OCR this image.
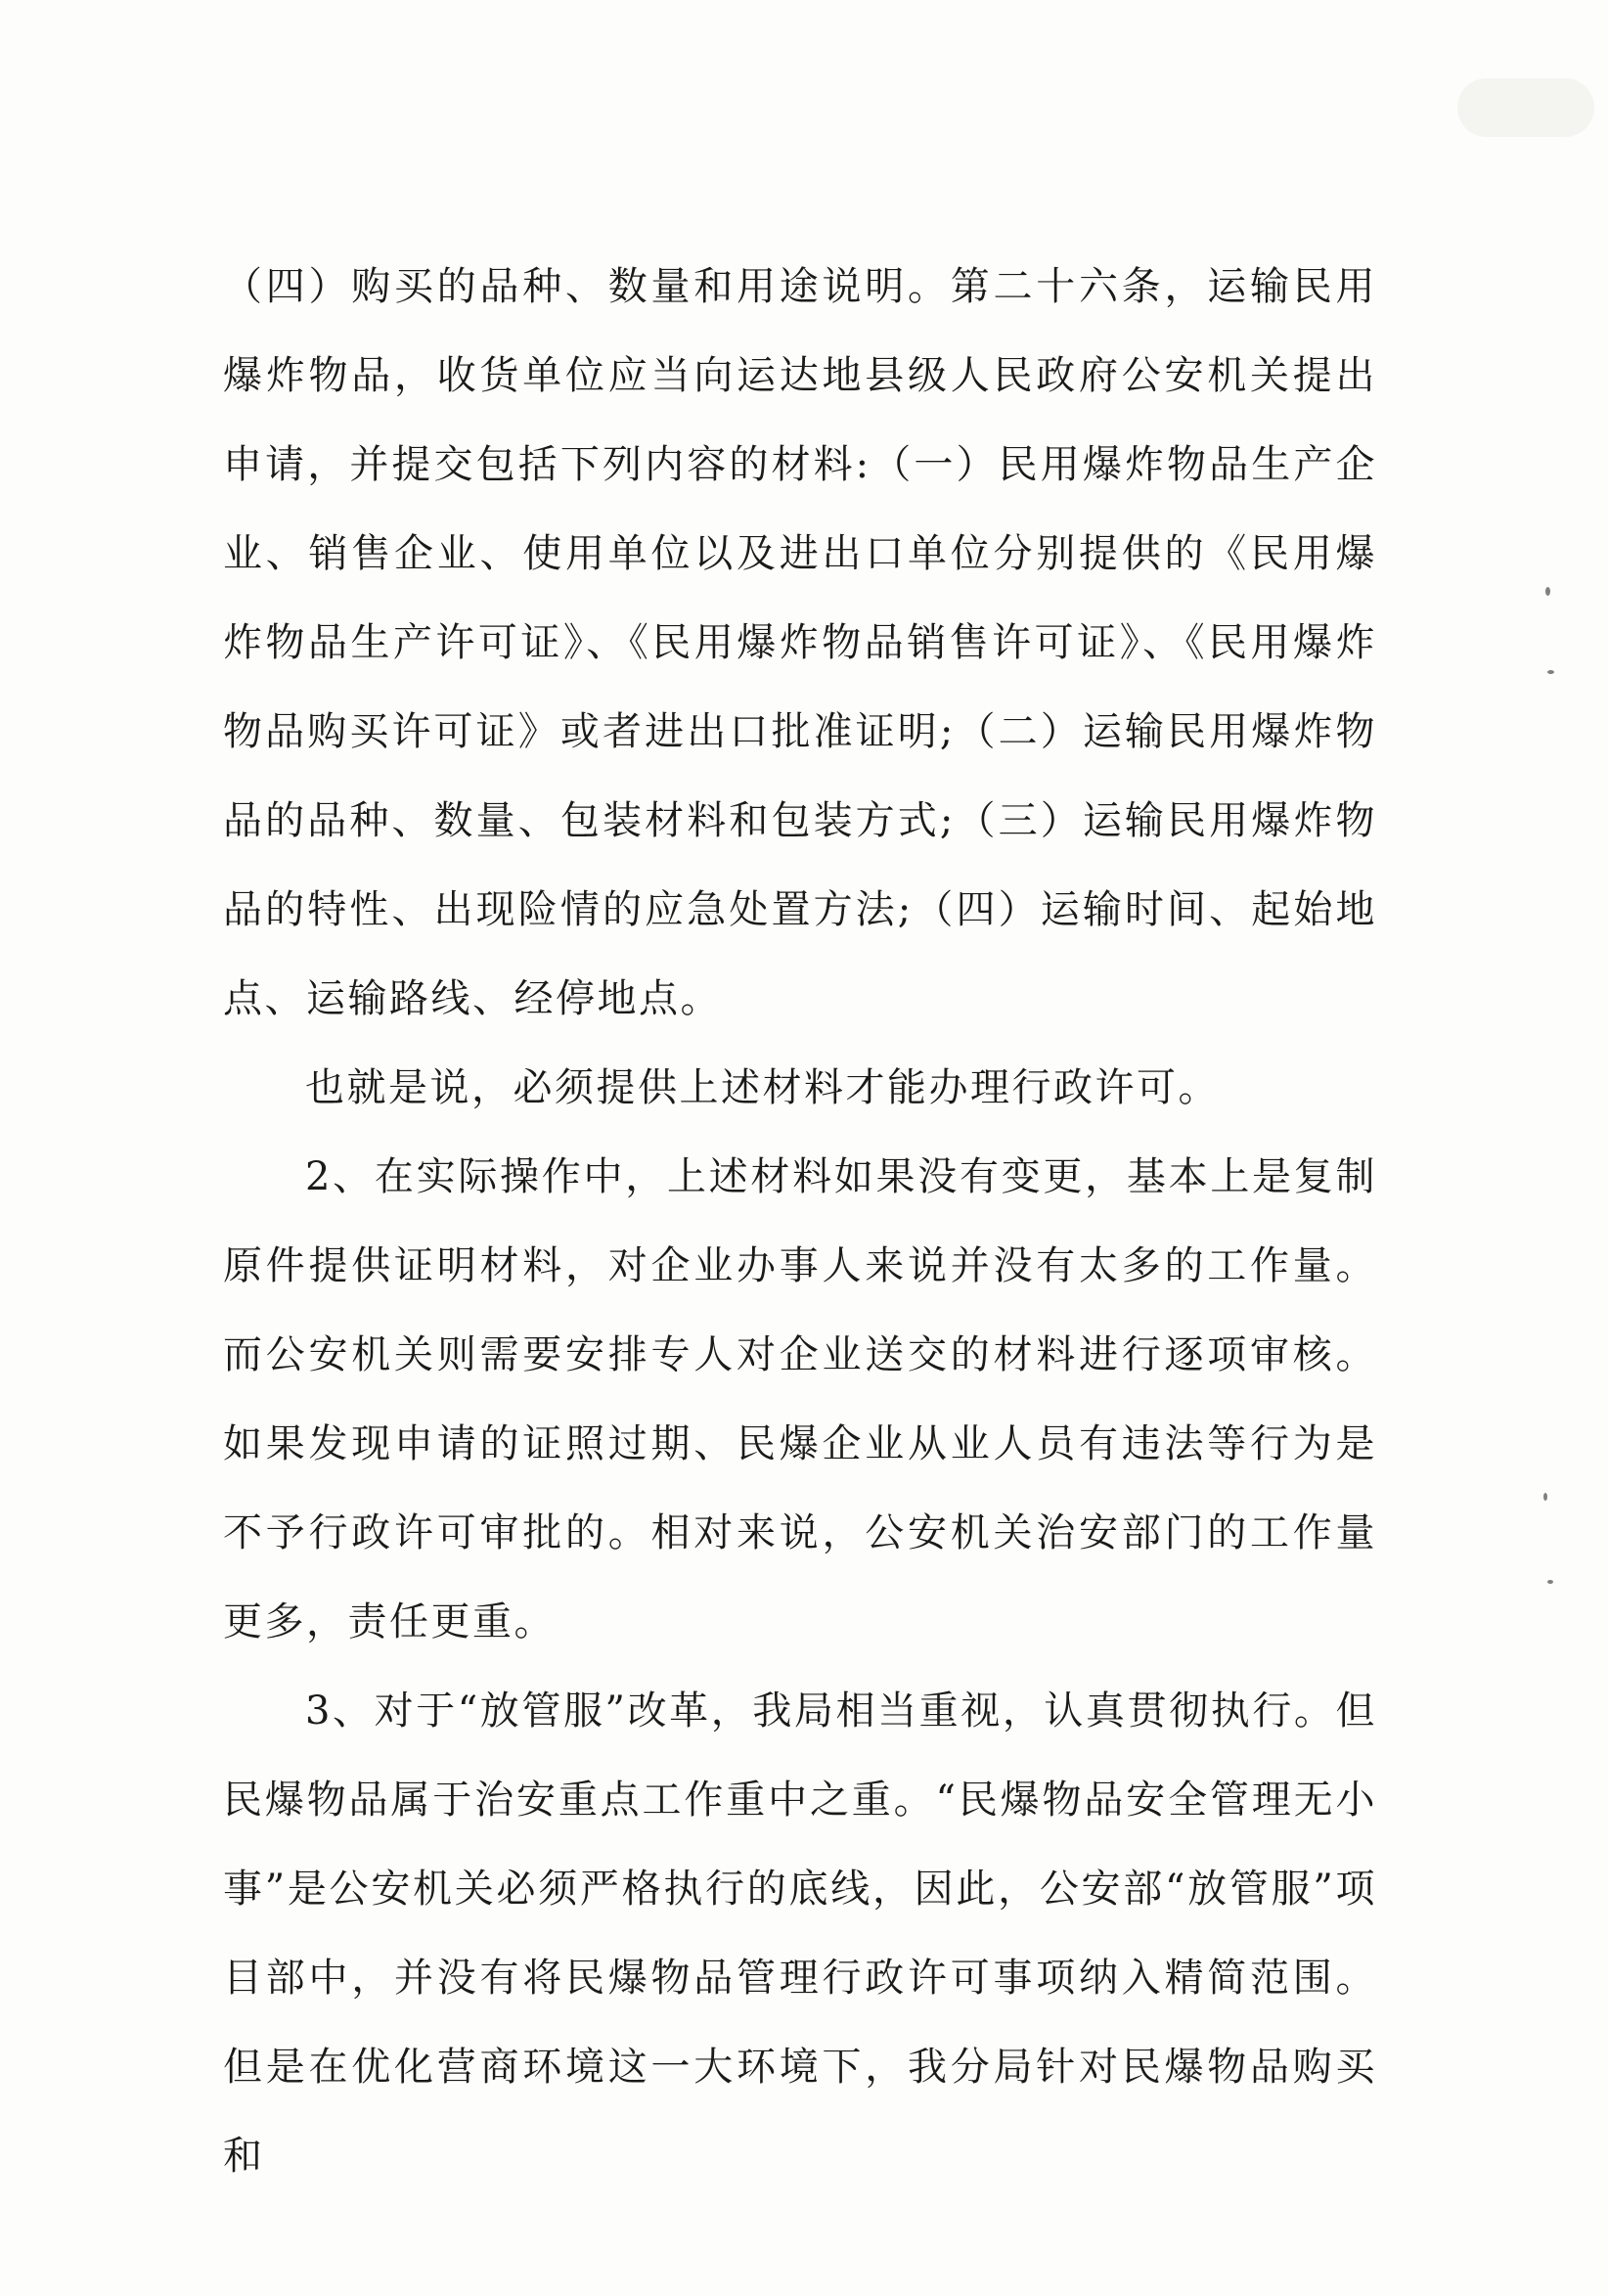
（四）购买的品种、数量和用途说明。第二十六条，运输民用爆炸物品，收货单位应当向运达地县级人民政府公安机关提出申请，并提交包括下列内容的材料:（一）民用爆炸物品生产企业、销售企业、使用单位以及进出口单位分别提供的《民用爆炸物品生产许可证》、《民用爆炸物品销售许可证》、《民用爆炸物品购买许可证》或者进出口批准证明;（二）运输民用爆炸物品的品种、数量、包装材料和包装方式;（三）运输民用爆炸物品的特性、出现险情的应急处置方法;（四）运输时间、起始地点、运输路线、经停地点。

也就是说，必须提供上述材料才能办理行政许可。

2、在实际操作中，上述材料如果没有变更，基本上是复制原件提供证明材料，对企业办事人来说并没有太多的工作量。而公安机关则需要安排专人对企业送交的材料进行逐项审核。如果发现申请的证照过期、民爆企业从业人员有违法等行为是不予行政许可审批的。相对来说，公安机关治安部门的工作量更多，责任更重。

3、对于“放管服”改革，我局相当重视，认真贯彻执行。但民爆物品属于治安重点工作重中之重。“民爆物品安全管理无小事”是公安机关必须严格执行的底线，因此，公安部“放管服”项目部中，并没有将民爆物品管理行政许可事项纳入精简范围。但是在优化营商环境这一大环境下，我分局针对民爆物品购买和
